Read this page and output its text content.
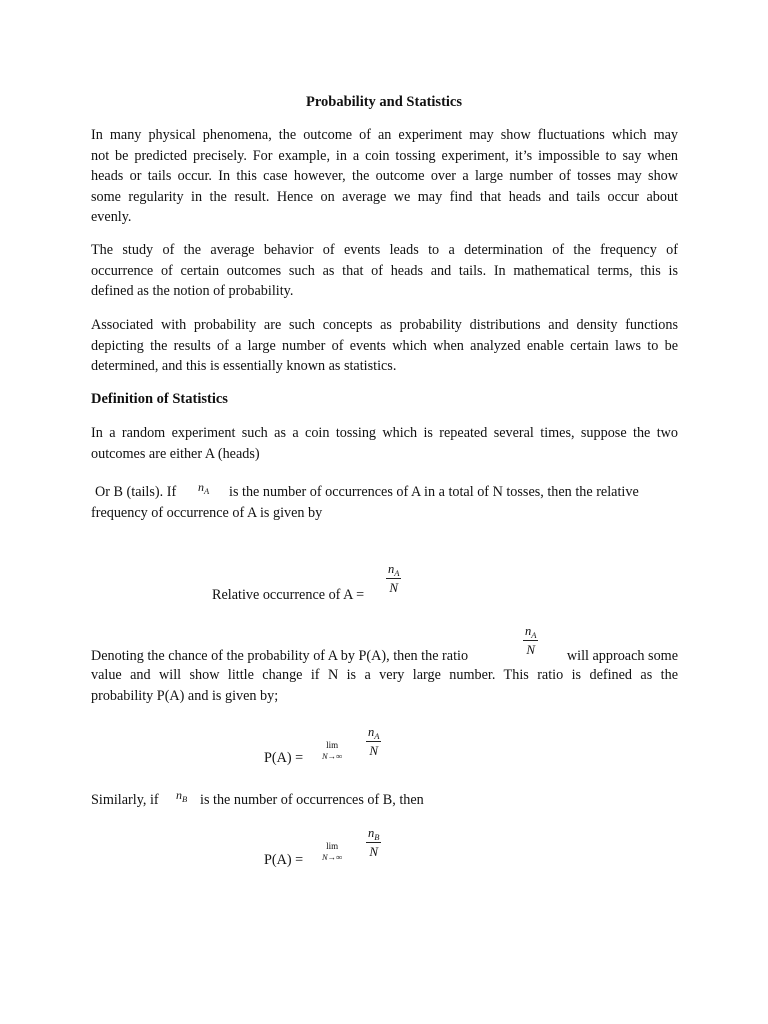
Probability and Statistics
In many physical phenomena, the outcome of an experiment may show fluctuations which may
not be predicted precisely. For example, in a coin tossing experiment, it’s impossible to say when
heads or tails occur. In this case however, the outcome over a large number of tosses may show
some regularity in the result. Hence on average we may find that heads and tails occur about
evenly.
The study of the average behavior of events leads to a determination of the frequency of
occurrence of certain outcomes such as that of heads and tails. In mathematical terms, this is
defined as the notion of probability.
Associated with probability are such concepts as probability distributions and density functions
depicting the results of a large number of events which when analyzed enable certain laws to be
determined, and this is essentially known as statistics.
Definition of Statistics
In a random experiment such as a coin tossing which is repeated several times, suppose the two
outcomes are either A (heads)
Or B (tails). If $n_A$ is the number of occurrences of A in a total of N tosses, then the relative
frequency of occurrence of A is given by
Relative occurrence of $A = \frac{n_A}{N}$
Denoting the chance of the probability of A by P(A), then the ratio	$\frac{n_A}{N}$	will approach some
value and will show little change if N is a very large number. This ratio is defined as the
probability P(A) and is given by;
P(A) =
lim
$N\to\infty \frac{n_A}{N}$
Similarly, if $n_B$ is the number of occurrences of B, then
P(A) =
lim
$N\to\infty \frac{n_B}{N}$
